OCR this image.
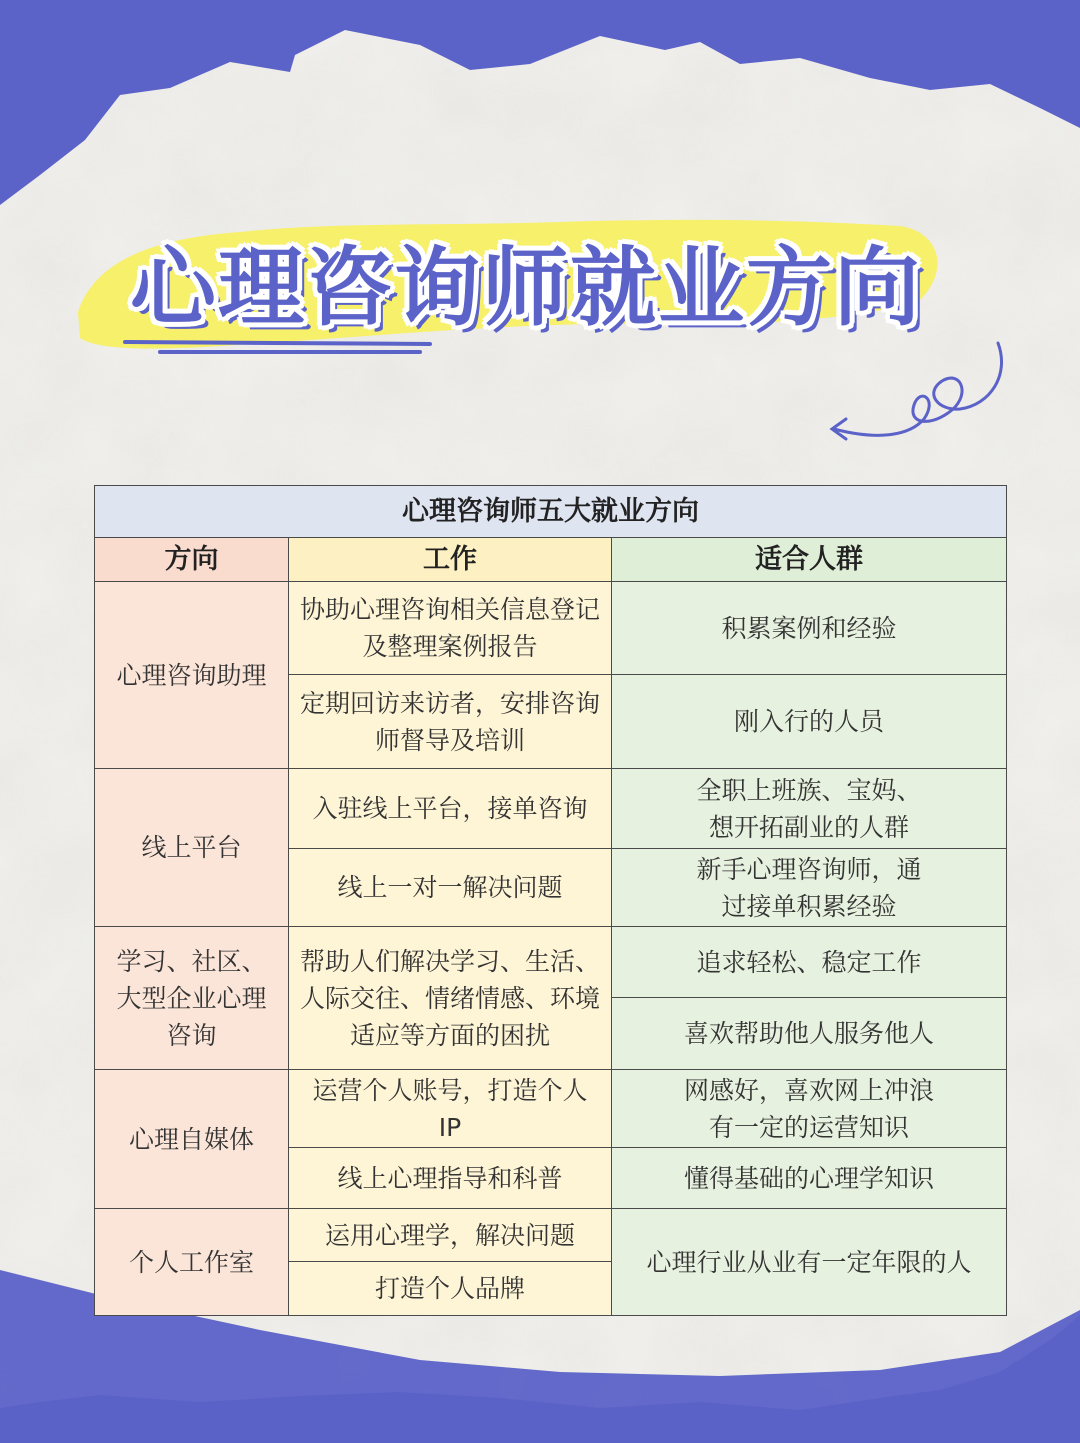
心理咨询师就业方向
心理咨询师五大就业方向		
方向	工作	适合人群
心理咨询助理	协助心理咨询相关信息登记及整理案例报告	积累案例和经验
	定期回访来访者，安排咨询师督导及培训	刚入行的人员
线上平台	入驻线上平台，接单咨询	全职上班族、宝妈、想开拓副业的人群
	线上一对一解决问题	新手心理咨询师，通过接单积累经验
学习、社区、大型企业心理咨询	帮助人们解决学习、生活、人际交往、情绪情感、环境适应等方面的困扰	追求轻松、稳定工作
		喜欢帮助他人服务他人
心理自媒体	运营个人账号，打造个人 IP	网感好，喜欢网上冲浪有一定的运营知识
	线上心理指导和科普	懂得基础的心理学知识
个人工作室	运用心理学，解决问题	心理行业从业有一定年限的人
	打造个人品牌	
